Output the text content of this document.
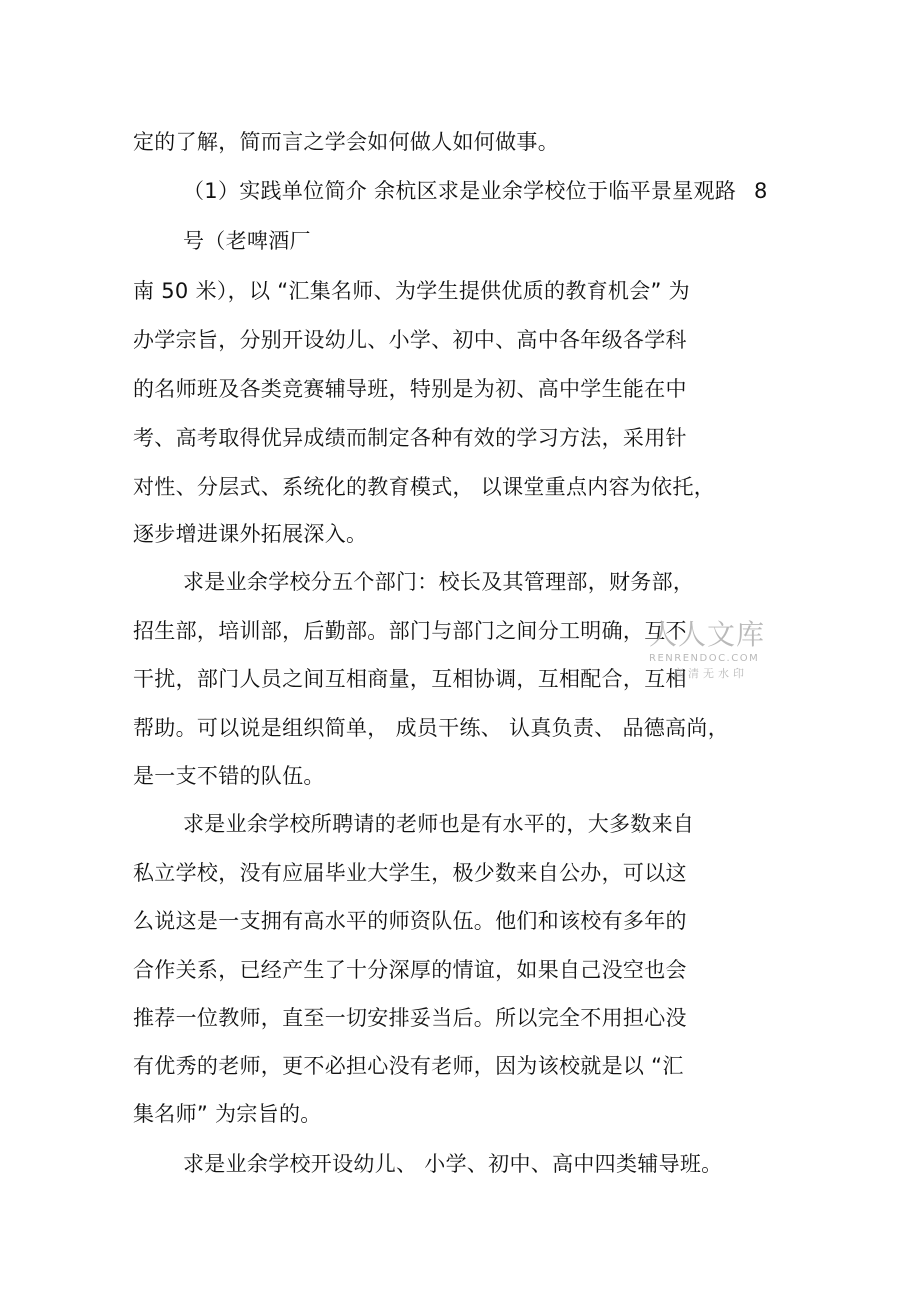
定的了解，简而言之学会如何做人如何做事。
（1）实践单位简介 余杭区求是业余学校位于临平景星观路 8
号（老啤酒厂
南 50 米），以 “汇集名师、为学生提供优质的教育机会” 为
办学宗旨，分别开设幼儿、小学、初中、高中各年级各学科
的名师班及各类竞赛辅导班，特别是为初、高中学生能在中
考、高考取得优异成绩而制定各种有效的学习方法，采用针
对性、分层式、系统化的教育模式， 以课堂重点内容为依托，
逐步增进课外拓展深入。
求是业余学校分五个部门：校长及其管理部，财务部，
招生部，培训部，后勤部。部门与部门之间分工明确，互不
干扰，部门人员之间互相商量，互相协调，互相配合，互相
帮助。可以说是组织简单， 成员干练、 认真负责、 品德高尚，
是一支不错的队伍。
求是业余学校所聘请的老师也是有水平的，大多数来自
私立学校，没有应届毕业大学生，极少数来自公办，可以这
么说这是一支拥有高水平的师资队伍。他们和该校有多年的
合作关系，已经产生了十分深厚的情谊，如果自己没空也会
推荐一位教师，直至一切安排妥当后。所以完全不用担心没
有优秀的老师，更不必担心没有老师，因为该校就是以 “汇
集名师” 为宗旨的。
求是业余学校开设幼儿、 小学、初中、高中四类辅导班。
人人文库
RENRENDOC.COM
高清无水印
